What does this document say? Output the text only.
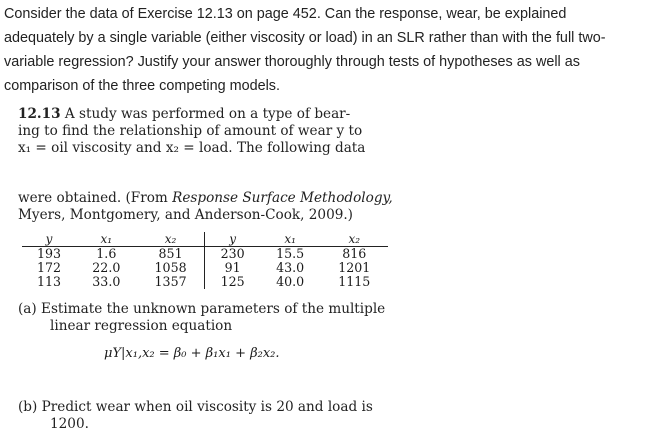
Consider the data of Exercise 12.13 on page 452. Can the response, wear, be explained

adequately by a single variable (either viscosity or load) in an SLR rather than with the full two-

variable regression? Justify your answer thoroughly through tests of hypotheses as well as

comparison of the three competing models.

12.13 A study was performed on a type of bear-
ing to find the relationship of amount of wear y to
x₁ = oil viscosity and x₂ = load. The following data
were obtained. (From Response Surface Methodology,
Myers, Montgomery, and Anderson-Cook, 2009.)
y	x₁	x₂	y	x₁	x₂
193	1.6	851	230	15.5	816
172	22.0	1058	91	43.0	1201
113	33.0	1357	125	40.0	1115
(a) Estimate the unknown parameters of the multiple
linear regression equation
μY|x₁,x₂ = β₀ + β₁x₁ + β₂x₂.
(b) Predict wear when oil viscosity is 20 and load is
1200.
